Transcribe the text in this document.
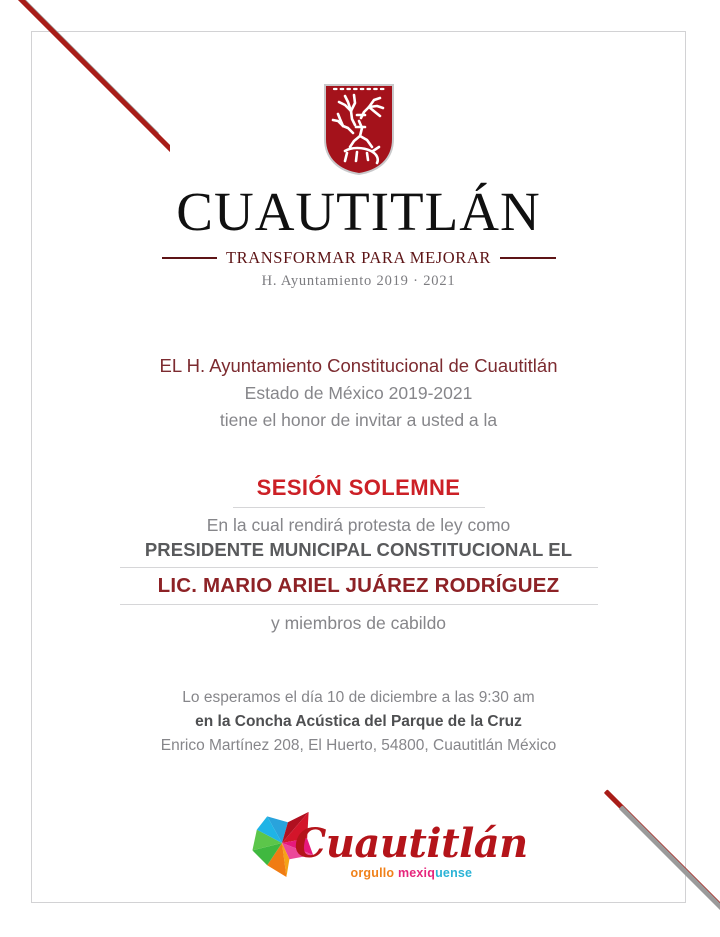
CUAUTITLÁN
TRANSFORMAR PARA MEJORAR
H. Ayuntamiento 2019 · 2021
EL H. Ayuntamiento Constitucional de Cuautitlán
Estado de México 2019-2021
tiene el honor de invitar a usted a la
SESIÓN SOLEMNE
En la cual rendirá protesta de ley como
PRESIDENTE MUNICIPAL CONSTITUCIONAL EL
LIC. MARIO ARIEL JUÁREZ RODRÍGUEZ
y miembros de cabildo
Lo esperamos el día 10 de diciembre a las 9:30 am
en la Concha Acústica del Parque de la Cruz
Enrico Martínez 208, El Huerto, 54800, Cuautitlán México
Cuautitlán
orgullo mexiquense
